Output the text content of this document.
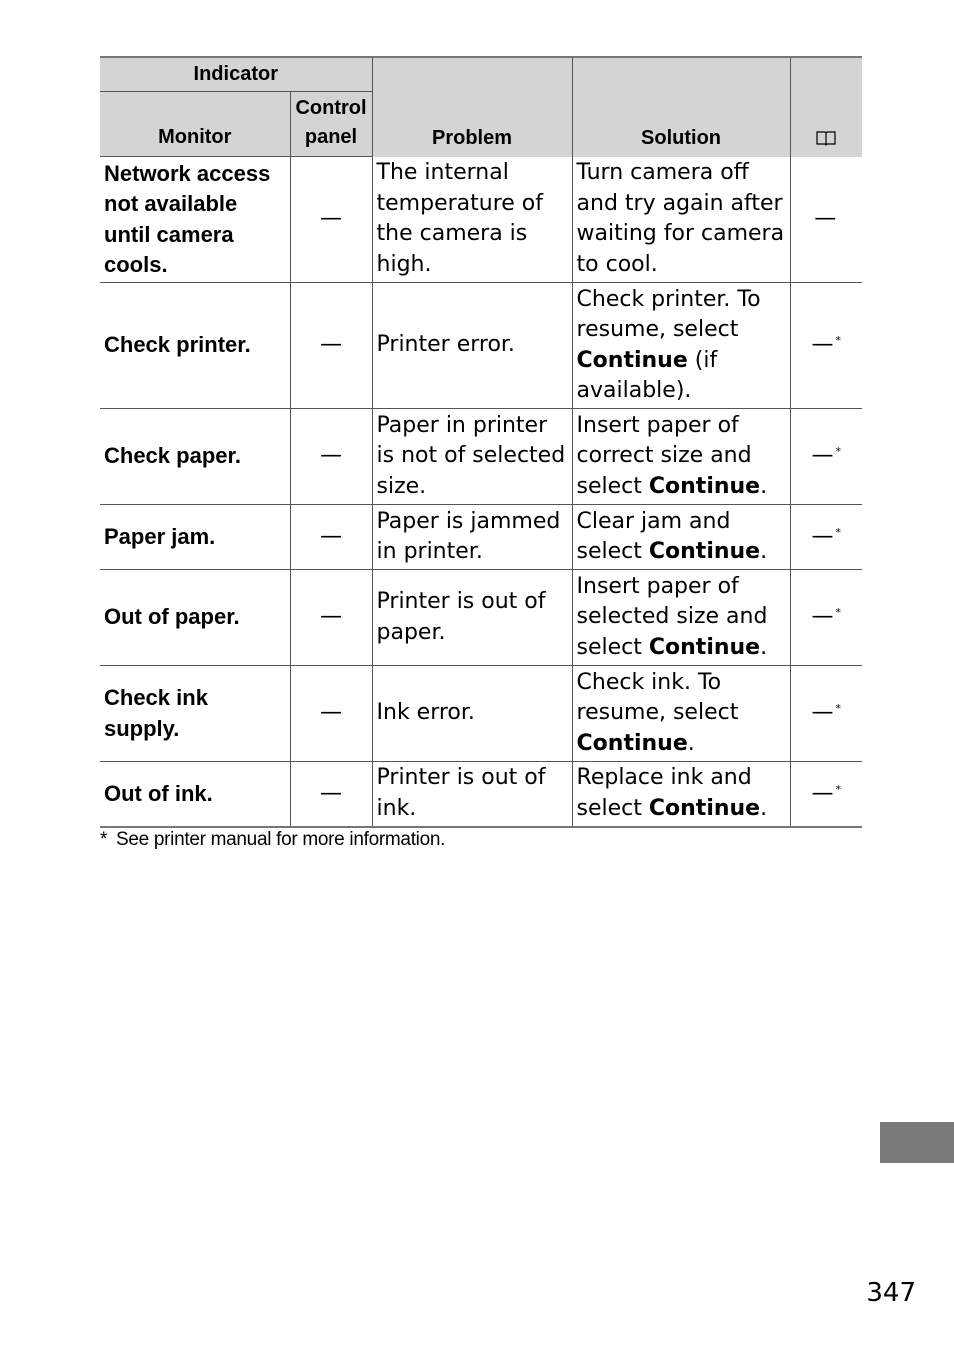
Indicator		Problem	Solution	
Monitor	Control
panel			
Network access not available until camera cools.	—	The internal temperature of the camera is high.	Turn camera off and try again after waiting for camera to cool.	—
Check printer.	—	Printer error.	Check printer. To resume, select Continue (if available).	— *
Check paper.	—	Paper in printer is not of selected size.	Insert paper of correct size and select Continue.	— *
Paper jam.	—	Paper is jammed in printer.	Clear jam and select Continue.	— *
Out of paper.	—	Printer is out of paper.	Insert paper of selected size and select Continue.	— *
Check ink supply.	—	Ink error.	Check ink. To resume, select Continue.	— *
Out of ink.	—	Printer is out of ink.	Replace ink and select Continue.	— *
* See printer manual for more information.
347
